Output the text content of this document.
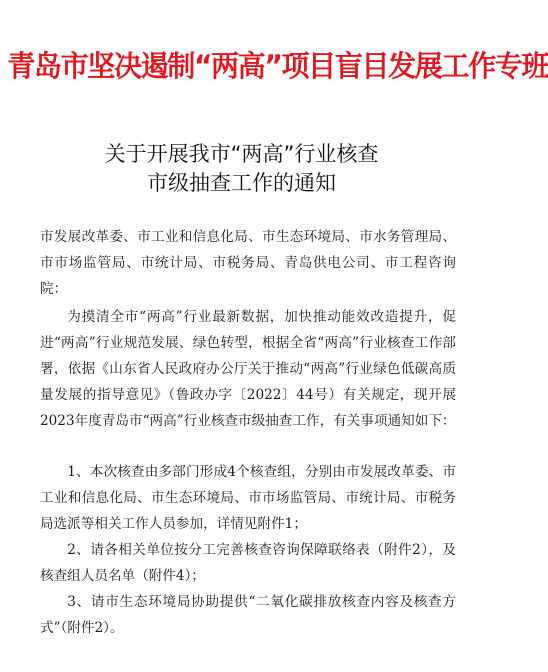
青岛市坚决遏制“两高”项目盲目发展工作专班
关于开展我市“两高”行业核查
市级抽查工作的通知
市发展改革委、市工业和信息化局、市生态环境局、市水务管理局、市市场监管局、市统计局、市税务局、青岛供电公司、市工程咨询院：
为摸清全市“两高”行业最新数据，加快推动能效改造提升，促进“两高”行业规范发展、绿色转型，根据全省“两高”行业核查工作部署，依据《山东省人民政府办公厅关于推动“两高”行业绿色低碳高质量发展的指导意见》（鲁政办字〔2022〕44号）有关规定，现开展2023年度青岛市“两高”行业核查市级抽查工作，有关事项通知如下：
1、本次核查由多部门形成4个核查组，分别由市发展改革委、市工业和信息化局、市生态环境局、市市场监管局、市统计局、市税务局选派等相关工作人员参加，详情见附件1；
2、请各相关单位按分工完善核查咨询保障联络表（附件2），及核查组人员名单（附件4）；
3、请市生态环境局协助提供“二氧化碳排放核查内容及核查方式”（附件2）。
